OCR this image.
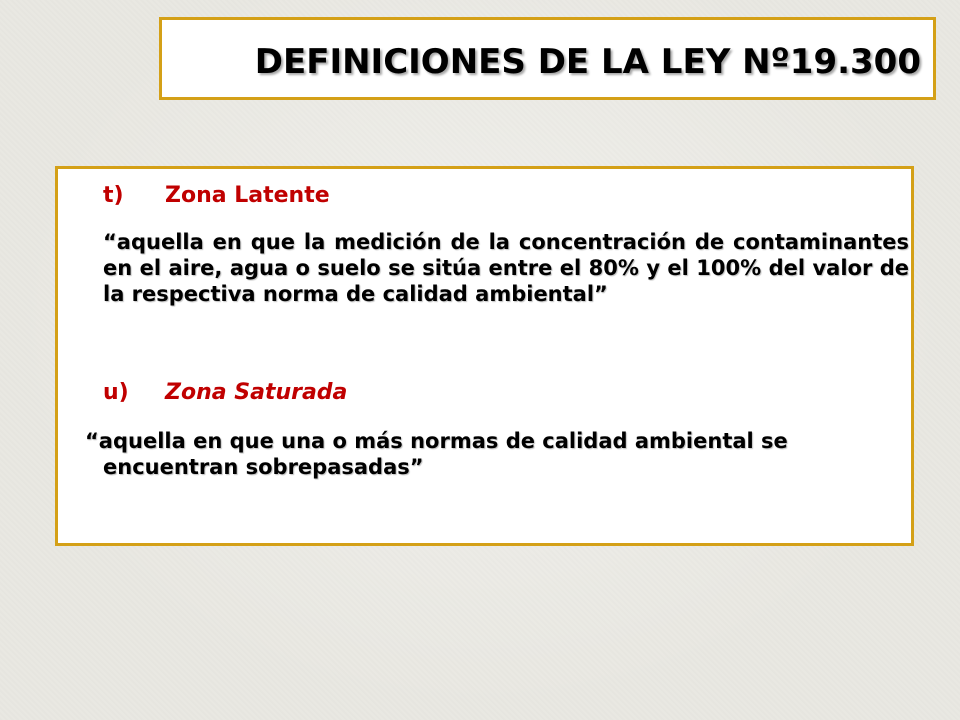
DEFINICIONES DE LA LEY Nº19.300
t) Zona Latente

“aquella en que la medición de la concentración de contaminantes en el aire, agua o suelo se sitúa entre el 80% y el 100% del valor de la respectiva norma de calidad ambiental”

u) Zona Saturada

“aquella en que una o más normas de calidad ambiental se

encuentran sobrepasadas”
